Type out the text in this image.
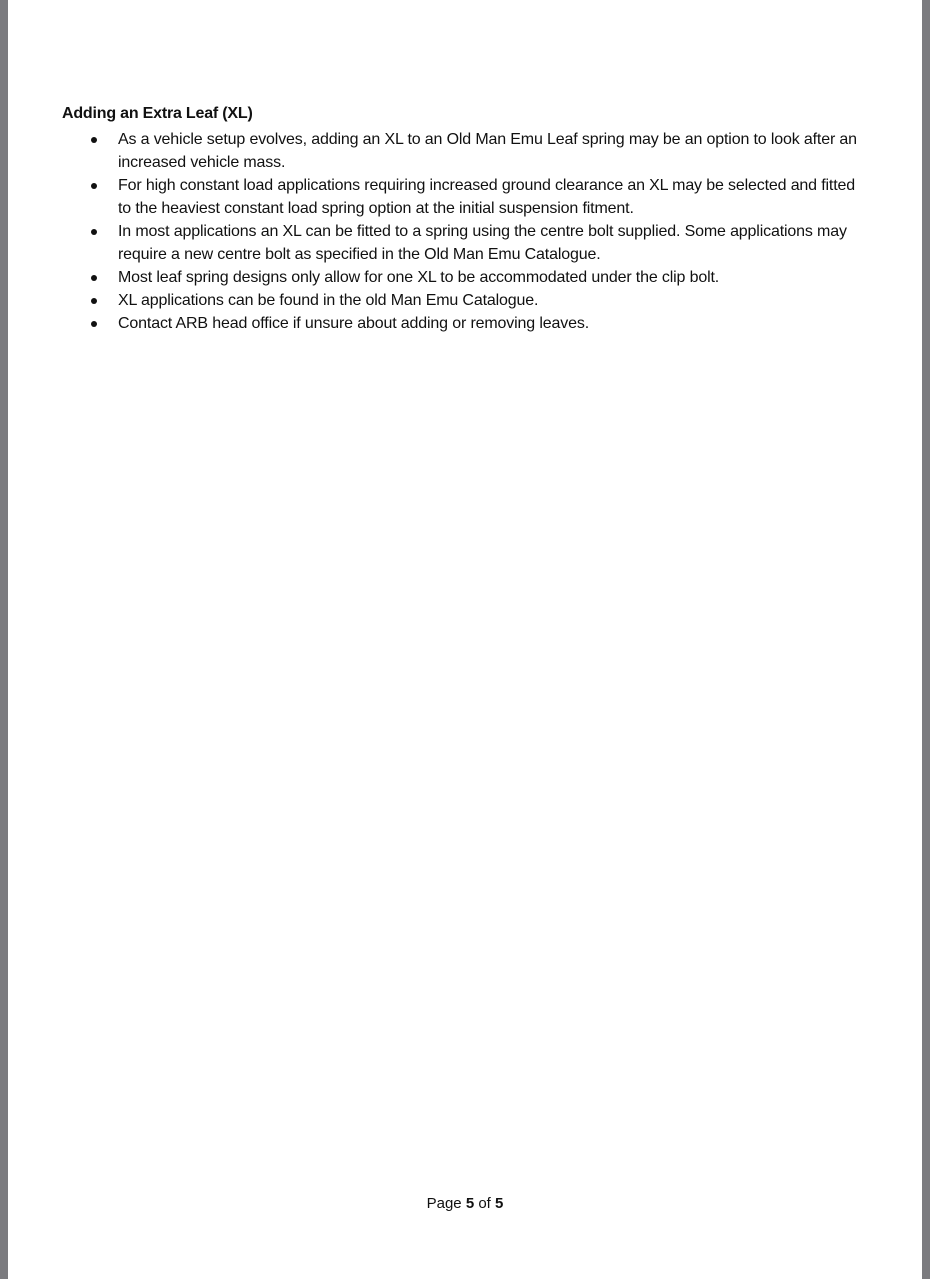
Adding an Extra Leaf (XL)
As a vehicle setup evolves, adding an XL to an Old Man Emu Leaf spring may be an option to look after an increased vehicle mass.
For high constant load applications requiring increased ground clearance an XL may be selected and fitted to the heaviest constant load spring option at the initial suspension fitment.
In most applications an XL can be fitted to a spring using the centre bolt supplied. Some applications may require a new centre bolt as specified in the Old Man Emu Catalogue.
Most leaf spring designs only allow for one XL to be accommodated under the clip bolt.
XL applications can be found in the old Man Emu Catalogue.
Contact ARB head office if unsure about adding or removing leaves.
Page 5 of 5
